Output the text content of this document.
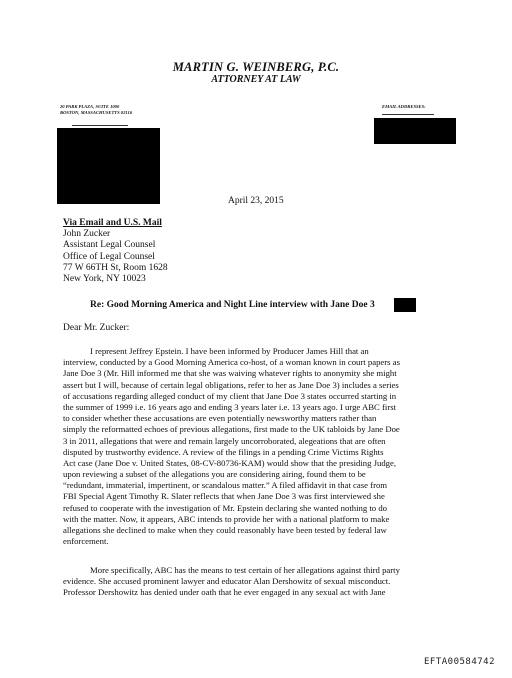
MARTIN G. WEINBERG, P.C.
ATTORNEY AT LAW
20 PARK PLAZA, SUITE 1000
BOSTON, MASSACHUSETTS 02116
EMAIL ADDRESSES:
April 23, 2015
Via Email and U.S. Mail
John Zucker
Assistant Legal Counsel
Office of Legal Counsel
77 W 66TH St, Room 1628
New York, NY 10023
Re: Good Morning America and Night Line interview with Jane Doe 3
Dear Mr. Zucker:
I represent Jeffrey Epstein. I have been informed by Producer James Hill that an
interview, conducted by a Good Morning America co-host, of a woman known in court papers as
Jane Doe 3 (Mr. Hill informed me that she was waiving whatever rights to anonymity she might
assert but I will, because of certain legal obligations, refer to her as Jane Doe 3) includes a series
of accusations regarding alleged conduct of my client that Jane Doe 3 states occurred starting in
the summer of 1999 i.e. 16 years ago and ending 3 years later i.e. 13 years ago. I urge ABC first
to consider whether these accusations are even potentially newsworthy matters rather than
simply the reformatted echoes of previous allegations, first made to the UK tabloids by Jane Doe
3 in 2011, allegations that were and remain largely uncorroborated, alegeations that are often
disputed by trustworthy evidence. A review of the filings in a pending Crime Victims Rights
Act case (Jane Doe v. United States, 08-CV-80736-KAM) would show that the presiding Judge,
upon reviewing a subset of the allegations you are considering airing, found them to be
“redundant, immaterial, impertinent, or scandalous matter.” A filed affidavit in that case from
FBI Special Agent Timothy R. Slater reflects that when Jane Doe 3 was first interviewed she
refused to cooperate with the investigation of Mr. Epstein declaring she wanted nothing to do
with the matter. Now, it appears, ABC intends to provide her with a national platform to make
allegations she declined to make when they could reasonably have been tested by federal law
enforcement.
More specifically, ABC has the means to test certain of her allegations against third party
evidence. She accused prominent lawyer and educator Alan Dershowitz of sexual misconduct.
Professor Dershowitz has denied under oath that he ever engaged in any sexual act with Jane
EFTA00584742
